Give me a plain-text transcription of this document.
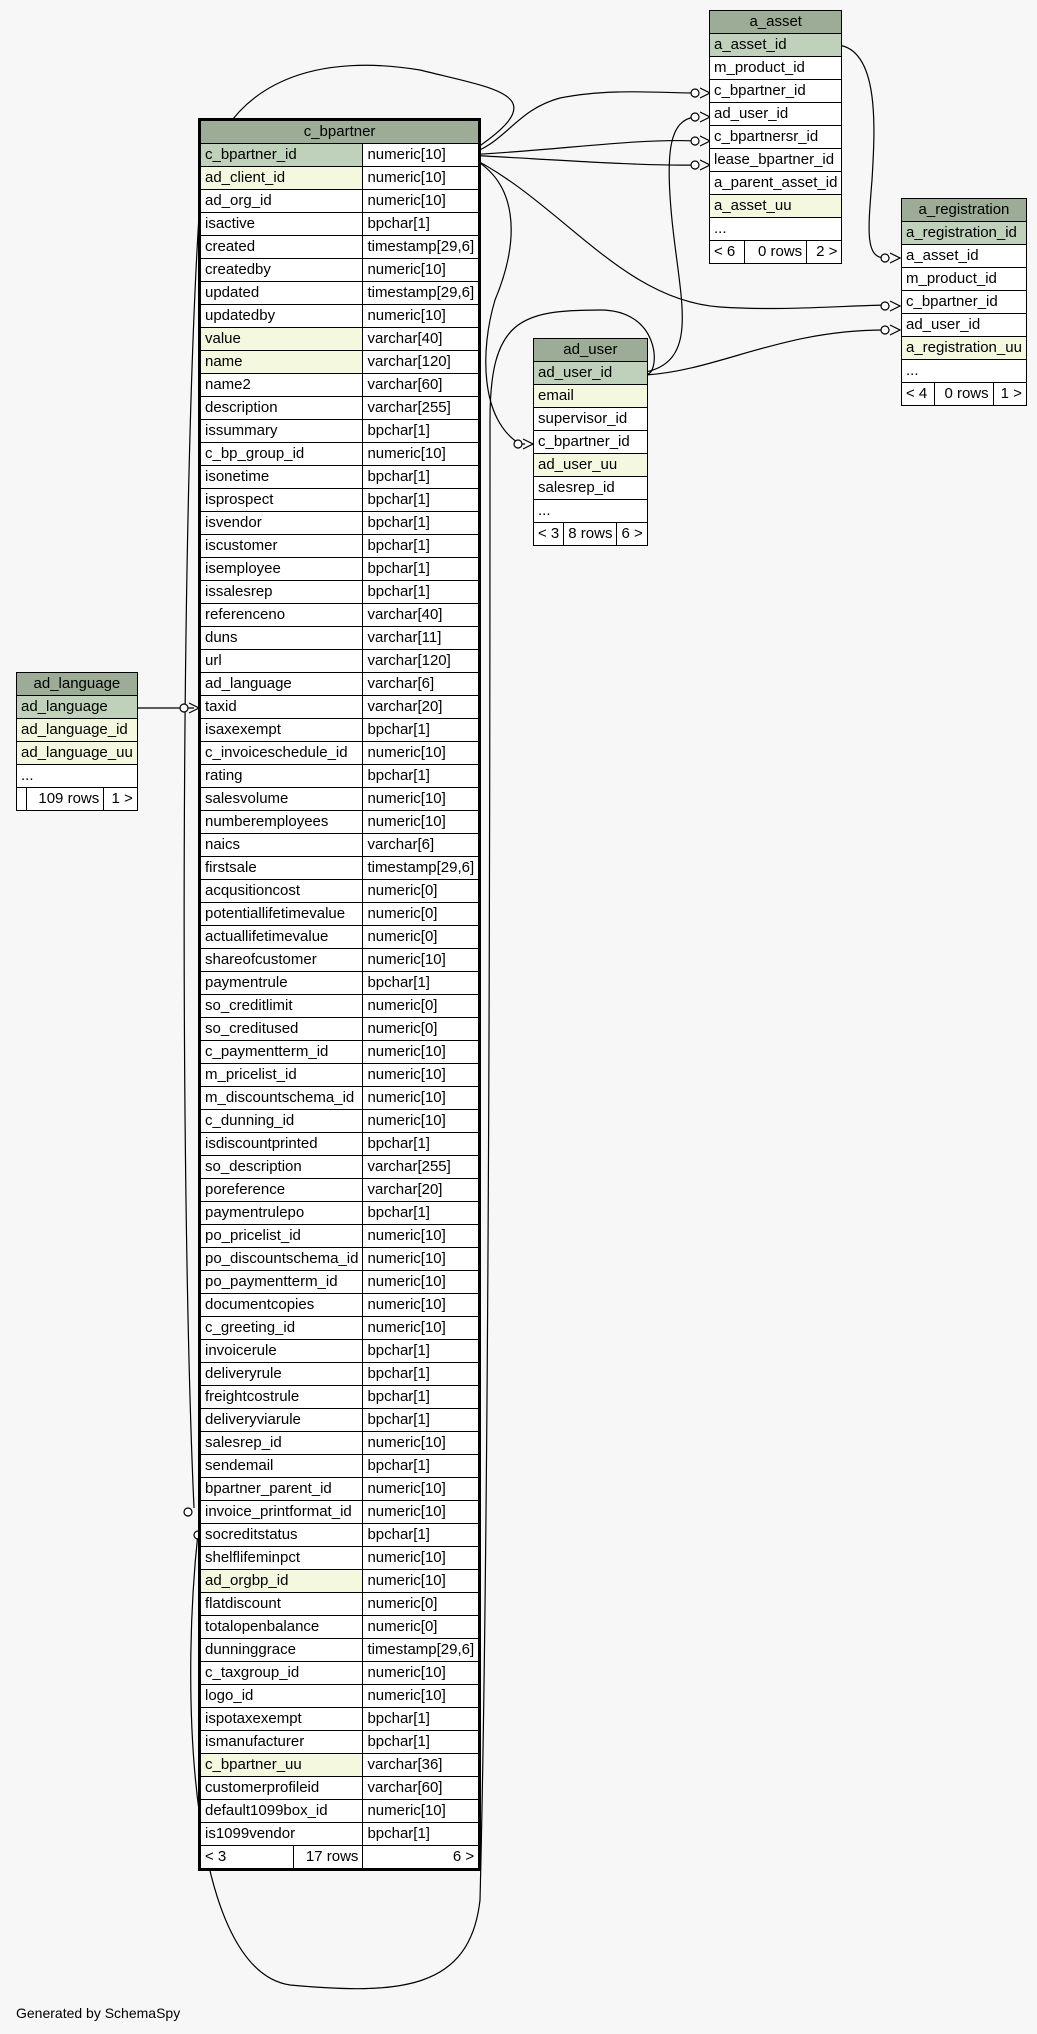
c_bpartner		
c_bpartner_id		numeric[10]
ad_client_id		numeric[10]
ad_org_id		numeric[10]
isactive		bpchar[1]
created		timestamp[29,6]
createdby		numeric[10]
updated		timestamp[29,6]
updatedby		numeric[10]
value		varchar[40]
name		varchar[120]
name2		varchar[60]
description		varchar[255]
issummary		bpchar[1]
c_bp_group_id		numeric[10]
isonetime		bpchar[1]
isprospect		bpchar[1]
isvendor		bpchar[1]
iscustomer		bpchar[1]
isemployee		bpchar[1]
issalesrep		bpchar[1]
referenceno		varchar[40]
duns		varchar[11]
url		varchar[120]
ad_language		varchar[6]
taxid		varchar[20]
isaxexempt		bpchar[1]
c_invoiceschedule_id		numeric[10]
rating		bpchar[1]
salesvolume		numeric[10]
numberemployees		numeric[10]
naics		varchar[6]
firstsale		timestamp[29,6]
acqusitioncost		numeric[0]
potentiallifetimevalue		numeric[0]
actuallifetimevalue		numeric[0]
shareofcustomer		numeric[10]
paymentrule		bpchar[1]
so_creditlimit		numeric[0]
so_creditused		numeric[0]
c_paymentterm_id		numeric[10]
m_pricelist_id		numeric[10]
m_discountschema_id		numeric[10]
c_dunning_id		numeric[10]
isdiscountprinted		bpchar[1]
so_description		varchar[255]
poreference		varchar[20]
paymentrulepo		bpchar[1]
po_pricelist_id		numeric[10]
po_discountschema_id		numeric[10]
po_paymentterm_id		numeric[10]
documentcopies		numeric[10]
c_greeting_id		numeric[10]
invoicerule		bpchar[1]
deliveryrule		bpchar[1]
freightcostrule		bpchar[1]
deliveryviarule		bpchar[1]
salesrep_id		numeric[10]
sendemail		bpchar[1]
bpartner_parent_id		numeric[10]
invoice_printformat_id		numeric[10]
socreditstatus		bpchar[1]
shelflifeminpct		numeric[10]
ad_orgbp_id		numeric[10]
flatdiscount		numeric[0]
totalopenbalance		numeric[0]
dunninggrace		timestamp[29,6]
c_taxgroup_id		numeric[10]
logo_id		numeric[10]
ispotaxexempt		bpchar[1]
ismanufacturer		bpchar[1]
c_bpartner_uu		varchar[36]
customerprofileid		varchar[60]
default1099box_id		numeric[10]
is1099vendor		bpchar[1]
< 3	17 rows	6 >
a_asset
a_asset_id
m_product_id
c_bpartner_id
ad_user_id
c_bpartnersr_id
lease_bpartner_id
a_parent_asset_id
a_asset_uu
...
< 6	0 rows	2 >
a_registration
a_registration_id
a_asset_id
m_product_id
c_bpartner_id
ad_user_id
a_registration_uu
...
< 4	0 rows	1 >
ad_user
ad_user_id
email
supervisor_id
c_bpartner_id
ad_user_uu
salesrep_id
...
< 3	8 rows	6 >
ad_language
ad_language
ad_language_id
ad_language_uu
...
	109 rows	1 >
Generated by SchemaSpy
